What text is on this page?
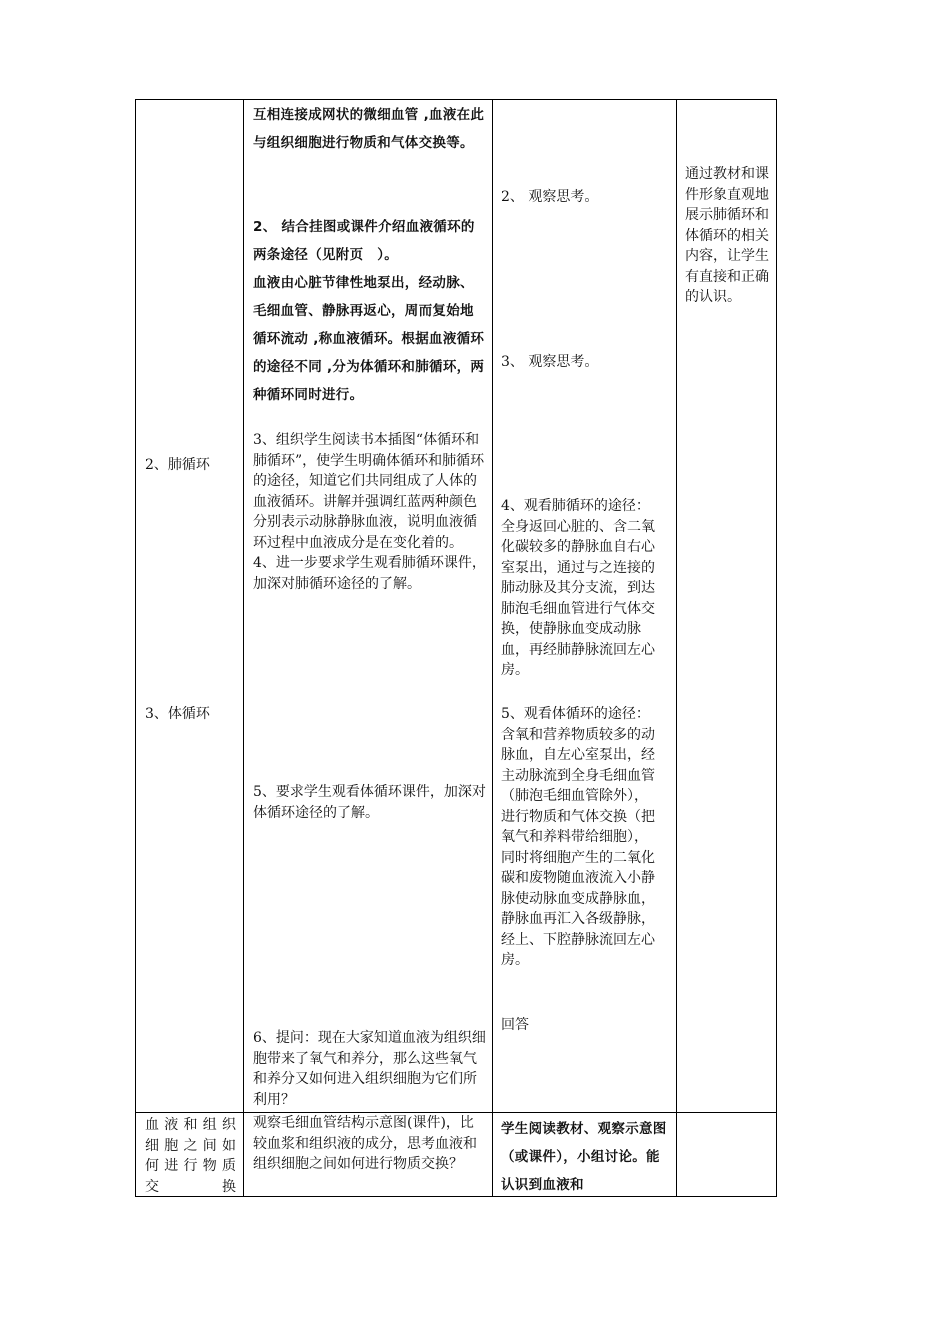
2、肺循环
3、体循环
互相连接成网状的微细血管 ,血液在此与组织细胞进行物质和气体交换等。
2、 结合挂图或课件介绍血液循环的两条途径（见附页　）。
血液由心脏节律性地泵出，经动脉、毛细血管、静脉再返心，周而复始地循环流动 ,称血液循环。根据血液循环的途径不同 ,分为体循环和肺循环，两种循环同时进行。
3、组织学生阅读书本插图“体循环和肺循环”，使学生明确体循环和肺循环的途径，知道它们共同组成了人体的血液循环。讲解并强调红蓝两种颜色分别表示动脉静脉血液，说明血液循环过程中血液成分是在变化着的。
4、进一步要求学生观看肺循环课件，加深对肺循环途径的了解。
5、要求学生观看体循环课件，加深对体循环途径的了解。
6、提问：现在大家知道血液为组织细胞带来了氧气和养分，那么这些氧气和养分又如何进入组织细胞为它们所利用？
2、 观察思考。
3、 观察思考。
4、观看肺循环的途径：全身返回心脏的、含二氧化碳较多的静脉血自右心室泵出，通过与之连接的肺动脉及其分支流，到达肺泡毛细血管进行气体交换，使静脉血变成动脉血，再经肺静脉流回左心房。
5、观看体循环的途径：含氧和营养物质较多的动脉血，自左心室泵出，经主动脉流到全身毛细血管（肺泡毛细血管除外），进行物质和气体交换（把氧气和养料带给细胞），同时将细胞产生的二氧化碳和废物随血液流入小静脉使动脉血变成静脉血，静脉血再汇入各级静脉，经上、下腔静脉流回左心房。
回答
通过教材和课件形象直观地展示肺循环和体循环的相关内容，让学生有直接和正确的认识。
血液和组织细胞之间如何进行物质交换
观察毛细血管结构示意图(课件)，比较血浆和组织液的成分，思考血液和组织细胞之间如何进行物质交换？
学生阅读教材、观察示意图（或课件），小组讨论。能认识到血液和
